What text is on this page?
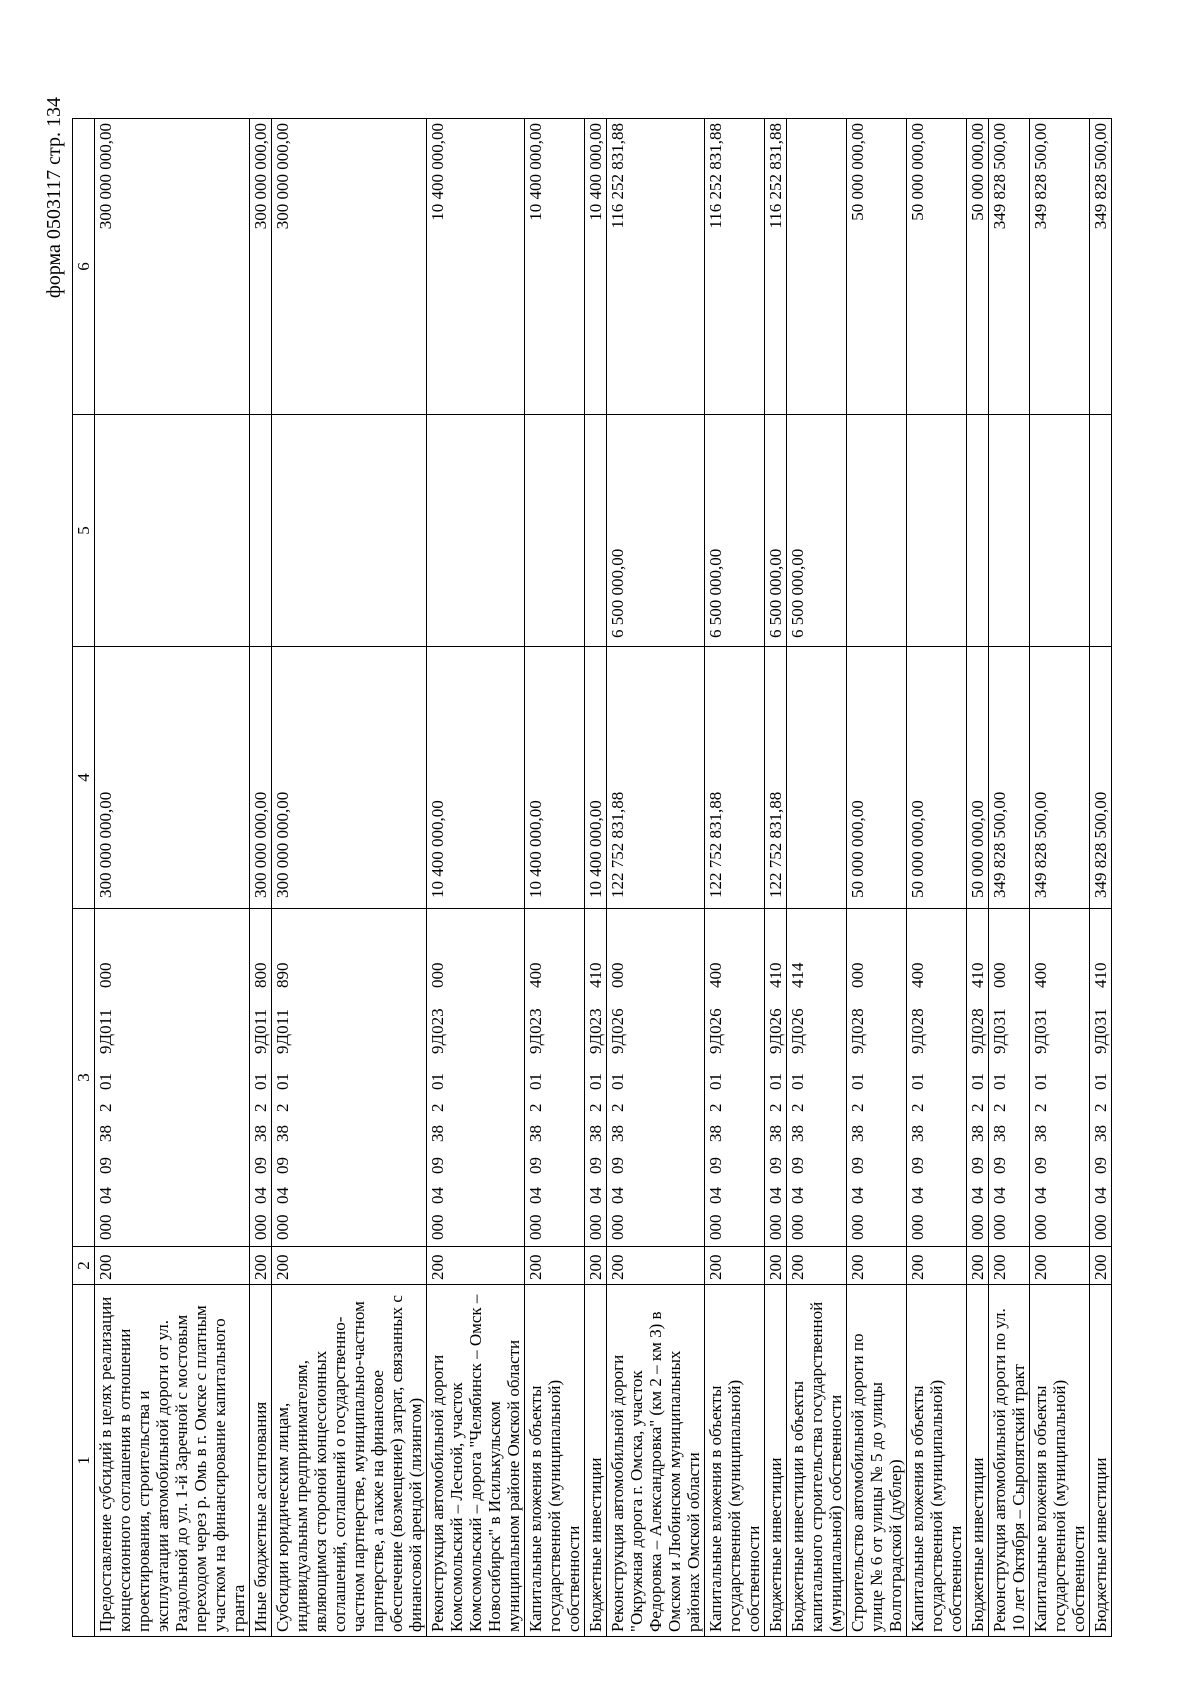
форма 0503117 стр. 134
1	2	3	4	5	6
Предоставление субсидий в целях реализации концессионного соглашения в отношении проектирования, строительства и эксплуатации автомобильной дороги от ул. Раздольной до ул. 1-й Заречной с мостовым переходом через р. Омь в г. Омске с платным участком на финансирование капитального гранта	200	0000409382019Д011000	300 000 000,00		300 000 000,00
Иные бюджетные ассигнования	200	0000409382019Д011800	300 000 000,00		300 000 000,00
Субсидии юридическим лицам, индивидуальным предпринимателям, являющимся стороной концессионных соглашений, соглашений о государственно-частном партнерстве, муниципально-частном партнерстве, а также на финансовое обеспечение (возмещение) затрат, связанных с финансовой арендой (лизингом)	200	0000409382019Д011890	300 000 000,00		300 000 000,00
Реконструкция автомобильной дороги Комсомольский – Лесной, участок Комсомольский – дорога "Челябинск – Омск – Новосибирск" в Исилькульском муниципальном районе Омской области	200	0000409382019Д023000	10 400 000,00		10 400 000,00
Капитальные вложения в объекты государственной (муниципальной) собственности	200	0000409382019Д023400	10 400 000,00		10 400 000,00
Бюджетные инвестиции	200	0000409382019Д023410	10 400 000,00		10 400 000,00
Реконструкция автомобильной дороги "Окружная дорога г. Омска, участок Федоровка – Александровка" (км 2 – км 3) в Омском и Любинском муниципальных районах Омской области	200	0000409382019Д026000	122 752 831,88	6 500 000,00	116 252 831,88
Капитальные вложения в объекты государственной (муниципальной) собственности	200	0000409382019Д026400	122 752 831,88	6 500 000,00	116 252 831,88
Бюджетные инвестиции	200	0000409382019Д026410	122 752 831,88	6 500 000,00	116 252 831,88
Бюджетные инвестиции в объекты капитального строительства государственной (муниципальной) собственности	200	0000409382019Д026414		6 500 000,00	
Строительство автомобильной дороги по улице № 6 от улицы № 5 до улицы Волгоградской (дублер)	200	0000409382019Д028000	50 000 000,00		50 000 000,00
Капитальные вложения в объекты государственной (муниципальной) собственности	200	0000409382019Д028400	50 000 000,00		50 000 000,00
Бюджетные инвестиции	200	0000409382019Д028410	50 000 000,00		50 000 000,00
Реконструкция автомобильной дороги по ул. 10 лет Октября – Сыропятский тракт	200	0000409382019Д031000	349 828 500,00		349 828 500,00
Капитальные вложения в объекты государственной (муниципальной) собственности	200	0000409382019Д031400	349 828 500,00		349 828 500,00
Бюджетные инвестиции	200	0000409382019Д031410	349 828 500,00		349 828 500,00
